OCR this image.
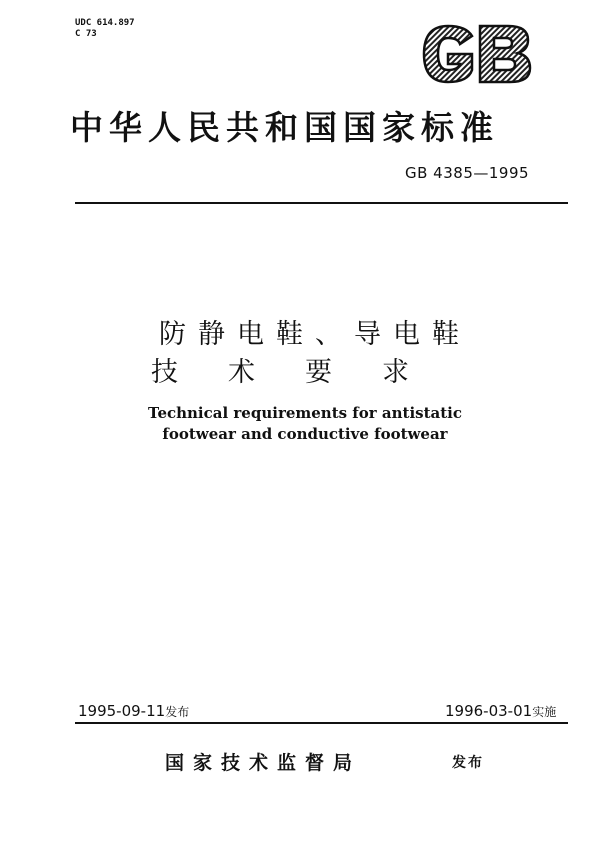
UDC 614.897
C 73
GB
中华人民共和国国家标准
GB 4385—1995
防静电鞋、导电鞋
技术要求
Technical requirements for antistatic
footwear and conductive footwear
1995-09-11发布	1996-03-01实施
国家技术监督局	发布
